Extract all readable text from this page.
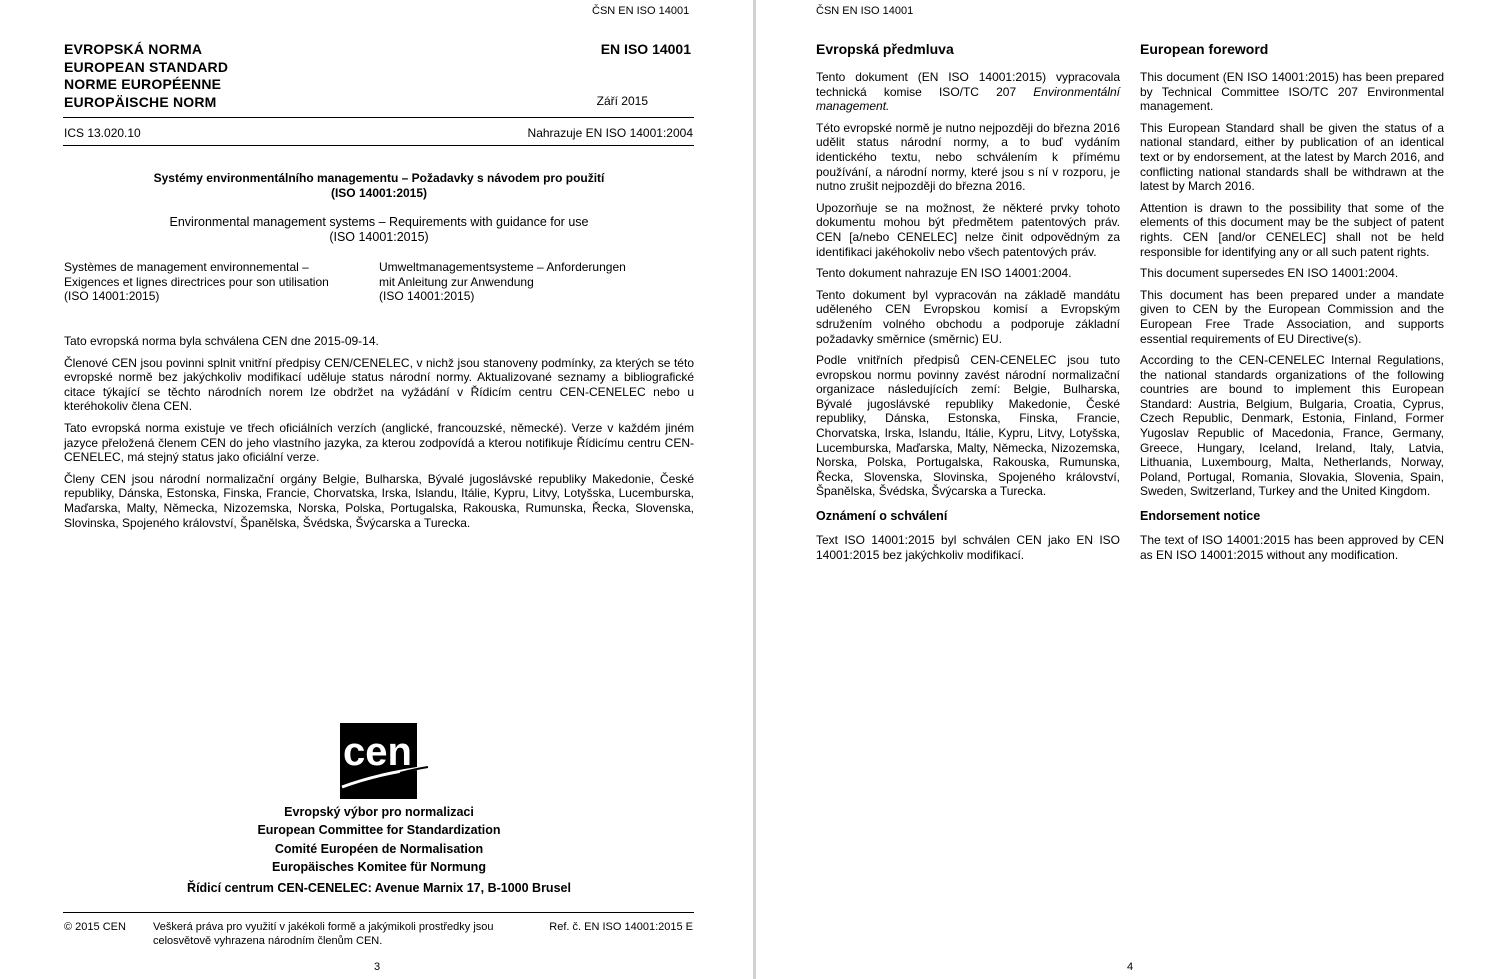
ČSN EN ISO 14001
EVROPSKÁ NORMA
EUROPEAN STANDARD
NORME EUROPÉENNE
EUROPÄISCHE NORM
EN ISO 14001
Září 2015
ICS 13.020.10	Nahrazuje EN ISO 14001:2004
Systémy environmentálního managementu – Požadavky s návodem pro použití
(ISO 14001:2015)
Environmental management systems – Requirements with guidance for use
(ISO 14001:2015)
Systèmes de management environnemental –
Exigences et lignes directrices pour son utilisation
(ISO 14001:2015)
Umweltmanagementsysteme – Anforderungen
mit Anleitung zur Anwendung
(ISO 14001:2015)

Tato evropská norma byla schválena CEN dne 2015-09-14.

Členové CEN jsou povinni splnit vnitřní předpisy CEN/CENELEC, v nichž jsou stanoveny podmínky, za kterých se této evropské normě bez jakýchkoliv modifikací uděluje status národní normy. Aktualizované seznamy a bibliografické citace týkající se těchto národních norem lze obdržet na vyžádání v Řídicím centru CEN-CENELEC nebo u kteréhokoliv člena CEN.

Tato evropská norma existuje ve třech oficiálních verzích (anglické, francouzské, německé). Verze v každém jiném jazyce přeložená členem CEN do jeho vlastního jazyka, za kterou zodpovídá a kterou notifikuje Řídicímu centru CEN-CENELEC, má stejný status jako oficiální verze.

Členy CEN jsou národní normalizační orgány Belgie, Bulharska, Bývalé jugoslávské republiky Makedonie, České republiky, Dánska, Estonska, Finska, Francie, Chorvatska, Irska, Islandu, Itálie, Kypru, Litvy, Lotyšska, Lucemburska, Maďarska, Malty, Německa, Nizozemska, Norska, Polska, Portugalska, Rakouska, Rumunska, Řecka, Slovenska, Slovinska, Spojeného království, Španělska, Švédska, Švýcarska a Turecka.

cen
Evropský výbor pro normalizaci
European Committee for Standardization
Comité Européen de Normalisation
Europäisches Komitee für Normung
Řídicí centrum CEN-CENELEC: Avenue Marnix 17, B-1000 Brusel
© 2015 CEN Veškerá práva pro využití v jakékoli formě a jakýmikoli prostředky jsou celosvětově vyhrazena národním členům CEN.
Ref. č. EN ISO 14001:2015 E
3
ČSN EN ISO 14001
Evropská předmluva

Tento dokument (EN ISO 14001:2015) vypracovala technická komise ISO/TC 207 Environmentální management.

Této evropské normě je nutno nejpozději do března 2016 udělit status národní normy, a to buď vydáním identického textu, nebo schválením k přímému používání, a národní normy, které jsou s ní v rozporu, je nutno zrušit nejpozději do března 2016.

Upozorňuje se na možnost, že některé prvky tohoto dokumentu mohou být předmětem patentových práv. CEN [a/nebo CENELEC] nelze činit odpovědným za identifikaci jakéhokoliv nebo všech patentových práv.

Tento dokument nahrazuje EN ISO 14001:2004.

Tento dokument byl vypracován na základě mandátu uděleného CEN Evropskou komisí a Evropským sdružením volného obchodu a podporuje základní požadavky směrnice (směrnic) EU.

Podle vnitřních předpisů CEN-CENELEC jsou tuto evropskou normu povinny zavést národní normalizační organizace následujících zemí: Belgie, Bulharska, Bývalé jugoslávské republiky Makedonie, České republiky, Dánska, Estonska, Finska, Francie, Chorvatska, Irska, Islandu, Itálie, Kypru, Litvy, Lotyšska, Lucemburska, Maďarska, Malty, Německa, Nizozemska, Norska, Polska, Portugalska, Rakouska, Rumunska, Řecka, Slovenska, Slovinska, Spojeného království, Španělska, Švédska, Švýcarska a Turecka.

Oznámení o schválení

Text ISO 14001:2015 byl schválen CEN jako EN ISO 14001:2015 bez jakýchkoliv modifikací.

European foreword

This document (EN ISO 14001:2015) has been prepared by Technical Committee ISO/TC 207 Environmental management.

This European Standard shall be given the status of a national standard, either by publication of an identical text or by endorsement, at the latest by March 2016, and conflicting national standards shall be withdrawn at the latest by March 2016.

Attention is drawn to the possibility that some of the elements of this document may be the subject of patent rights. CEN [and/or CENELEC] shall not be held responsible for identifying any or all such patent rights.

This document supersedes EN ISO 14001:2004.

This document has been prepared under a mandate given to CEN by the European Commission and the European Free Trade Association, and supports essential requirements of EU Directive(s).

According to the CEN-CENELEC Internal Regulations, the national standards organizations of the following countries are bound to implement this European Standard: Austria, Belgium, Bulgaria, Croatia, Cyprus, Czech Republic, Denmark, Estonia, Finland, Former Yugoslav Republic of Macedonia, France, Germany, Greece, Hungary, Iceland, Ireland, Italy, Latvia, Lithuania, Luxembourg, Malta, Netherlands, Norway, Poland, Portugal, Romania, Slovakia, Slovenia, Spain, Sweden, Switzerland, Turkey and the United Kingdom.

Endorsement notice

The text of ISO 14001:2015 has been approved by CEN as EN ISO 14001:2015 without any modification.

4
